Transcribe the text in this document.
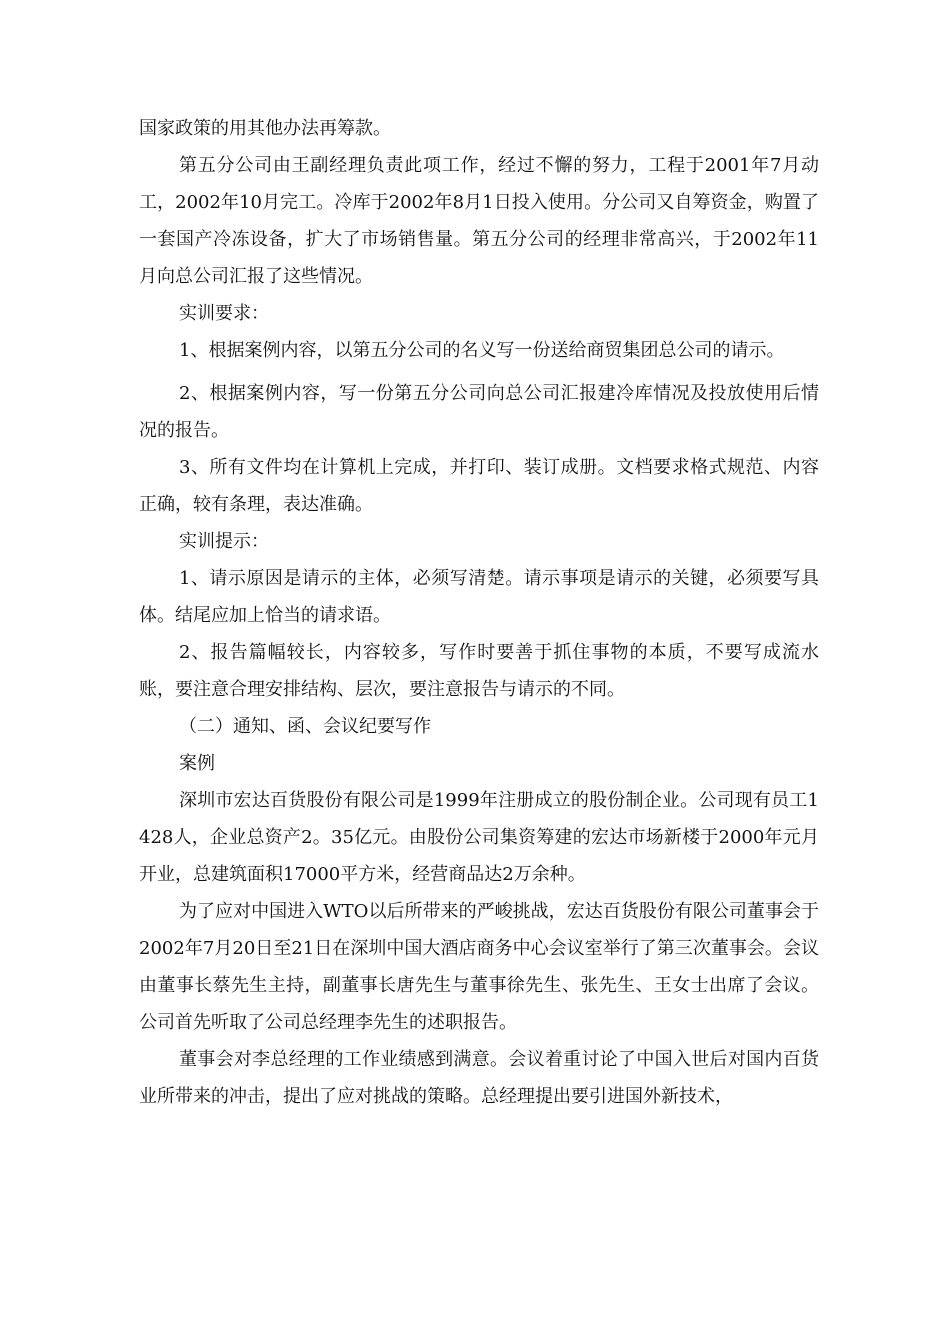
国家政策的用其他办法再筹款。

第五分公司由王副经理负责此项工作，经过不懈的努力，工程于2001年7月动工，2002年10月完工。冷库于2002年8月1日投入使用。分公司又自筹资金，购置了一套国产冷冻设备，扩大了市场销售量。第五分公司的经理非常高兴，于2002年11月向总公司汇报了这些情况。

实训要求：

1、根据案例内容，以第五分公司的名义写一份送给商贸集团总公司的请示。

2、根据案例内容，写一份第五分公司向总公司汇报建冷库情况及投放使用后情况的报告。

3、所有文件均在计算机上完成，并打印、装订成册。文档要求格式规范、内容正确，较有条理，表达准确。

实训提示：

1、请示原因是请示的主体，必须写清楚。请示事项是请示的关键，必须要写具体。结尾应加上恰当的请求语。

2、报告篇幅较长，内容较多，写作时要善于抓住事物的本质，不要写成流水账，要注意合理安排结构、层次，要注意报告与请示的不同。

（二）通知、函、会议纪要写作

案例

深圳市宏达百货股份有限公司是1999年注册成立的股份制企业。公司现有员工1428人，企业总资产2。35亿元。由股份公司集资筹建的宏达市场新楼于2000年元月开业，总建筑面积17000平方米，经营商品达2万余种。

为了应对中国进入WTO以后所带来的严峻挑战，宏达百货股份有限公司董事会于2002年7月20日至21日在深圳中国大酒店商务中心会议室举行了第三次董事会。会议由董事长蔡先生主持，副董事长唐先生与董事徐先生、张先生、王女士出席了会议。公司首先听取了公司总经理李先生的述职报告。

董事会对李总经理的工作业绩感到满意。会议着重讨论了中国入世后对国内百货业所带来的冲击，提出了应对挑战的策略。总经理提出要引进国外新技术，
